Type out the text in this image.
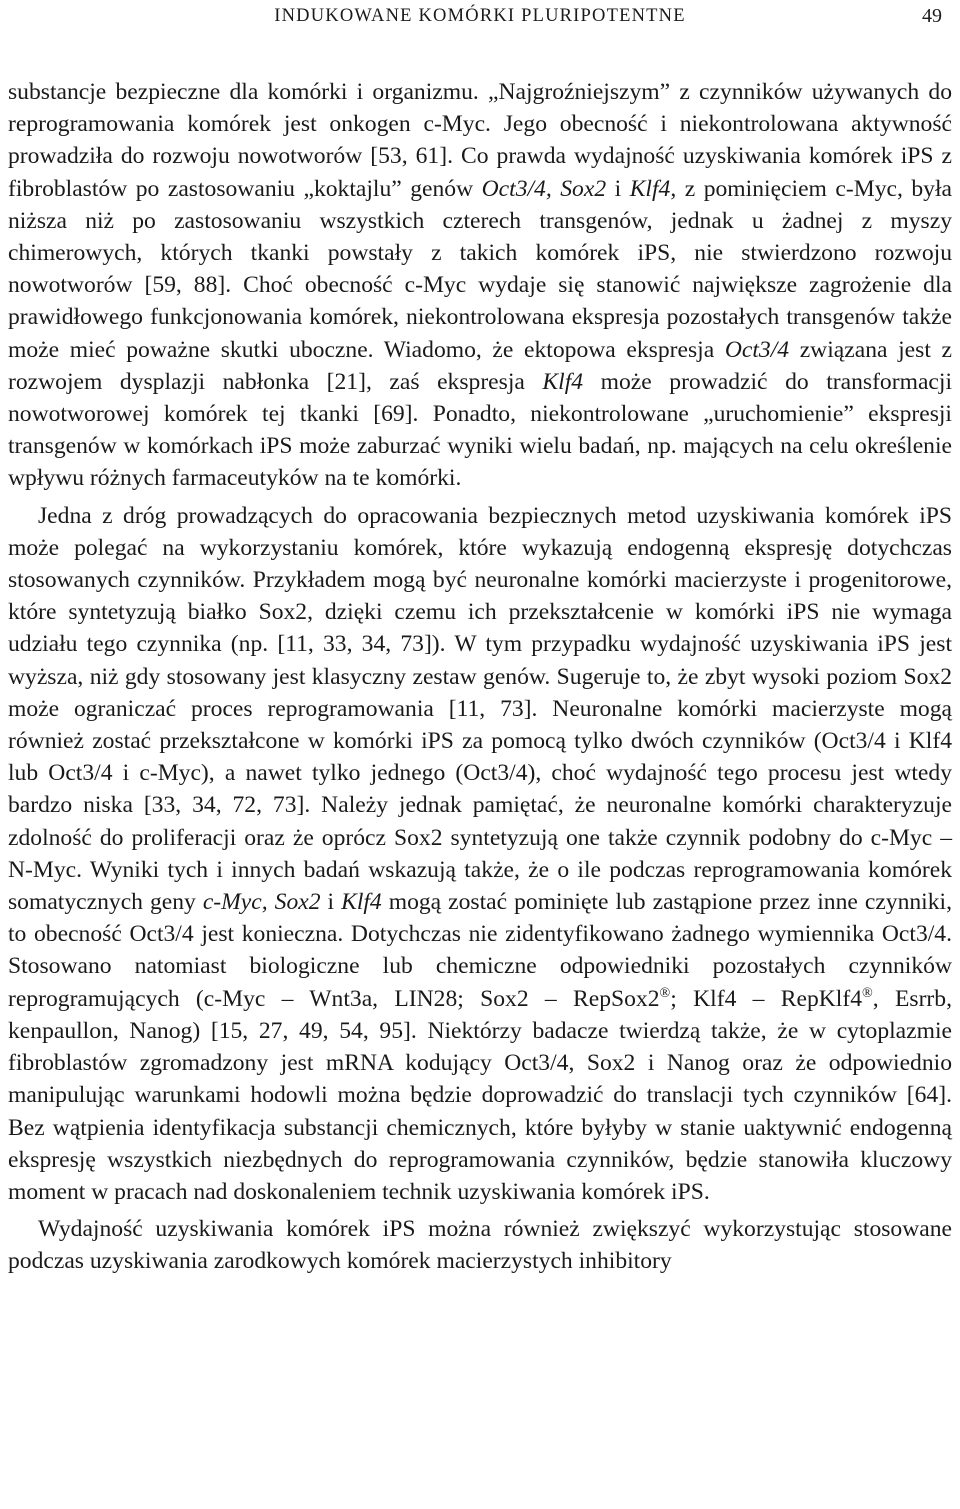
INDUKOWANE KOMÓRKI PLURIPOTENTNE	49

substancje bezpieczne dla komórki i organizmu. „Najgroźniejszym” z czynników używanych do reprogramowania komórek jest onkogen c-Myc. Jego obecność i niekontrolowana aktywność prowadziła do rozwoju nowotworów [53, 61]. Co prawda wydajność uzyskiwania komórek iPS z fibroblastów po zastosowaniu „koktajlu” genów Oct3/4, Sox2 i Klf4, z pominięciem c-Myc, była niższa niż po zastosowaniu wszystkich czterech transgenów, jednak u żadnej z myszy chimerowych, których tkanki powstały z takich komórek iPS, nie stwierdzono rozwoju nowotworów [59, 88]. Choć obecność c-Myc wydaje się stanowić największe zagrożenie dla prawidłowego funkcjonowania komórek, niekontrolowana ekspresja pozostałych transgenów także może mieć poważne skutki uboczne. Wiadomo, że ektopowa ekspresja Oct3/4 związana jest z rozwojem dysplazji nabłonka [21], zaś ekspresja Klf4 może prowadzić do transformacji nowotworowej komórek tej tkanki [69]. Ponadto, niekontrolowane „uruchomienie” ekspresji transgenów w komórkach iPS może zaburzać wyniki wielu badań, np. mających na celu określenie wpływu różnych farmaceutyków na te komórki.

Jedna z dróg prowadzących do opracowania bezpiecznych metod uzyskiwania komórek iPS może polegać na wykorzystaniu komórek, które wykazują endogenną ekspresję dotychczas stosowanych czynników. Przykładem mogą być neuronalne komórki macierzyste i progenitorowe, które syntetyzują białko Sox2, dzięki czemu ich przekształcenie w komórki iPS nie wymaga udziału tego czynnika (np. [11, 33, 34, 73]). W tym przypadku wydajność uzyskiwania iPS jest wyższa, niż gdy stosowany jest klasyczny zestaw genów. Sugeruje to, że zbyt wysoki poziom Sox2 może ograniczać proces reprogramowania [11, 73]. Neuronalne komórki macierzyste mogą również zostać przekształcone w komórki iPS za pomocą tylko dwóch czynników (Oct3/4 i Klf4 lub Oct3/4 i c-Myc), a nawet tylko jednego (Oct3/4), choć wydajność tego procesu jest wtedy bardzo niska [33, 34, 72, 73]. Należy jednak pamiętać, że neuronalne komórki charakteryzuje zdolność do proliferacji oraz że oprócz Sox2 syntetyzują one także czynnik podobny do c-Myc – N-Myc. Wyniki tych i innych badań wskazują także, że o ile podczas reprogramowania komórek somatycznych geny c-Myc, Sox2 i Klf4 mogą zostać pominięte lub zastąpione przez inne czynniki, to obecność Oct3/4 jest konieczna. Dotychczas nie zidentyfikowano żadnego wymiennika Oct3/4. Stosowano natomiast biologiczne lub chemiczne odpowiedniki pozostałych czynników reprogramujących (c-Myc – Wnt3a, LIN28; Sox2 – RepSox2®; Klf4 – RepKlf4®, Esrrb, kenpaullon, Nanog) [15, 27, 49, 54, 95]. Niektórzy badacze twierdzą także, że w cytoplazmie fibroblastów zgromadzony jest mRNA kodujący Oct3/4, Sox2 i Nanog oraz że odpowiednio manipulując warunkami hodowli można będzie doprowadzić do translacji tych czynników [64]. Bez wątpienia identyfikacja substancji chemicznych, które byłyby w stanie uaktywnić endogenną ekspresję wszystkich niezbędnych do reprogramowania czynników, będzie stanowiła kluczowy moment w pracach nad doskonaleniem technik uzyskiwania komórek iPS.

Wydajność uzyskiwania komórek iPS można również zwiększyć wykorzystując stosowane podczas uzyskiwania zarodkowych komórek macierzystych inhibitory
